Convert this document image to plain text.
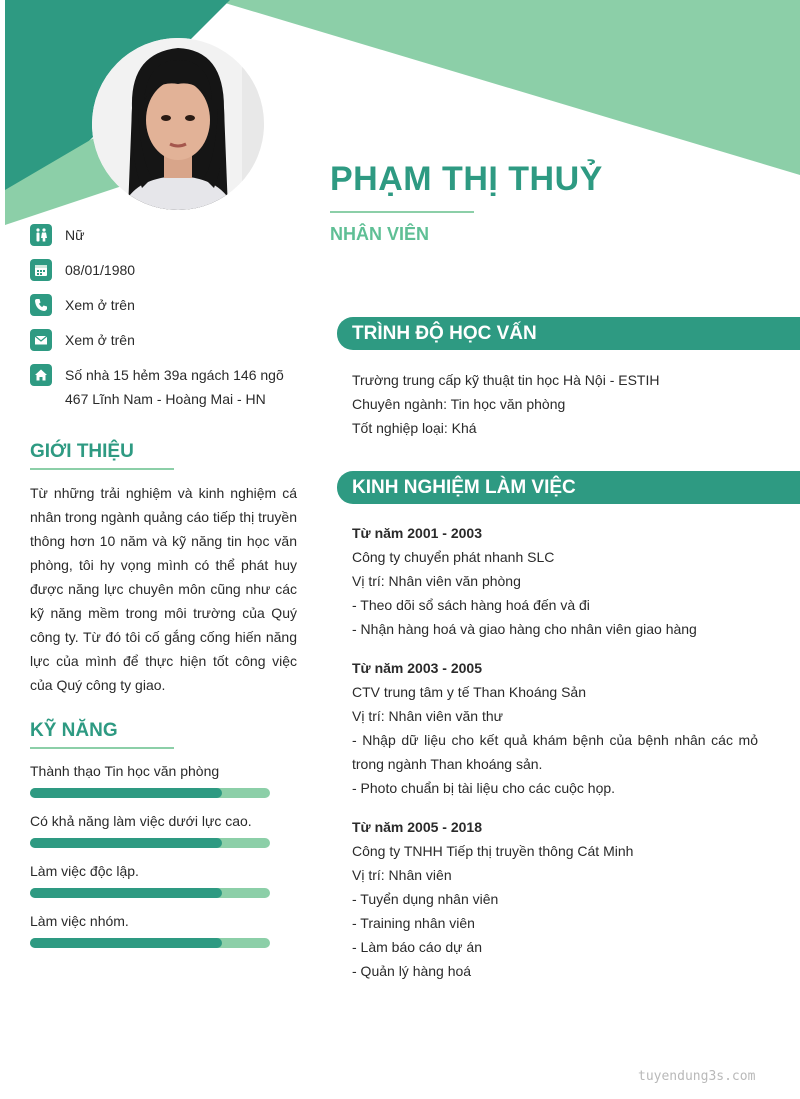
PHẠM THỊ THUỶ
NHÂN VIÊN
Nữ
08/01/1980
Xem ở trên
Xem ở trên
Số nhà 15 hẻm 39a ngách 146 ngõ
467 Lĩnh Nam - Hoàng Mai - HN
GIỚI THIỆU
Từ những trải nghiệm và kinh nghiệm cá nhân trong ngành quảng cáo tiếp thị truyền thông hơn 10 năm và kỹ năng tin học văn phòng, tôi hy vọng mình có thể phát huy được năng lực chuyên môn cũng như các kỹ năng mềm trong môi trường của Quý công ty. Từ đó tôi cố gắng cống hiến năng lực của mình để thực hiện tốt công việc của Quý công ty giao.
KỸ NĂNG
Thành thạo Tin học văn phòng
Có khả năng làm việc dưới lực cao.
Làm việc độc lập.
Làm việc nhóm.
TRÌNH ĐỘ HỌC VẤN
Trường trung cấp kỹ thuật tin học Hà Nội - ESTIH
Chuyên ngành: Tin học văn phòng
Tốt nghiệp loại: Khá
KINH NGHIỆM LÀM VIỆC
Từ năm 2001 - 2003
Công ty chuyển phát nhanh SLC
Vị trí: Nhân viên văn phòng
- Theo dõi sổ sách hàng hoá đến và đi
- Nhận hàng hoá và giao hàng cho nhân viên giao hàng
Từ năm 2003 - 2005
CTV trung tâm y tế Than Khoáng Sản
Vị trí: Nhân viên văn thư
- Nhập dữ liệu cho kết quả khám bệnh của bệnh nhân các mỏ trong ngành Than khoáng sản.
- Photo chuẩn bị tài liệu cho các cuộc họp.
Từ năm 2005 - 2018
Công ty TNHH Tiếp thị truyền thông Cát Minh
Vị trí: Nhân viên
- Tuyển dụng nhân viên
- Training nhân viên
- Làm báo cáo dự án
- Quản lý hàng hoá
tuyendung3s.com
